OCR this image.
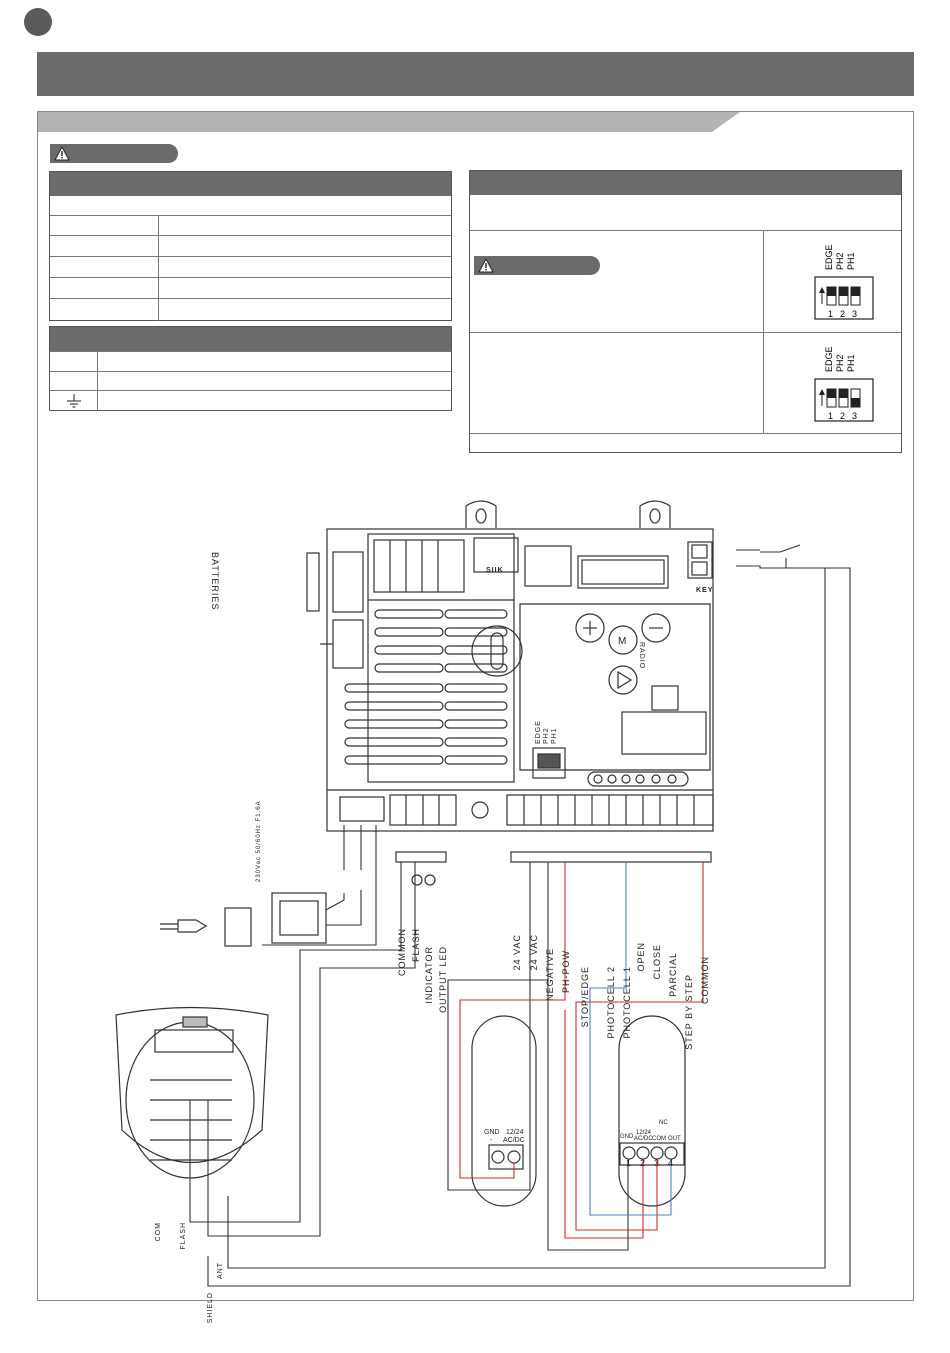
EDGE PH2 PH1
1 2 3
EDGE PH2 PH1
1 2 3
BATTERIES	SIIK
KEY
M
RADIO
230Vac 50/60Hz F1.6A
EDGE PH2 PH1
COMMON FLASH
INDICATOR OUTPUT LED	24 VAC 24 VAC NEGATIVE PH-POW STOP/EDGE PHOTOCELL 2 PHOTOCELL 1
OPEN CLOSE PARCIAL STEP BY STEP COMMON
GND 12/24
- AC/DC
NC
GND
12/24
AC/DC COM OUT
1 2 3 4
COM	FLASH
ANT
SHIELD
